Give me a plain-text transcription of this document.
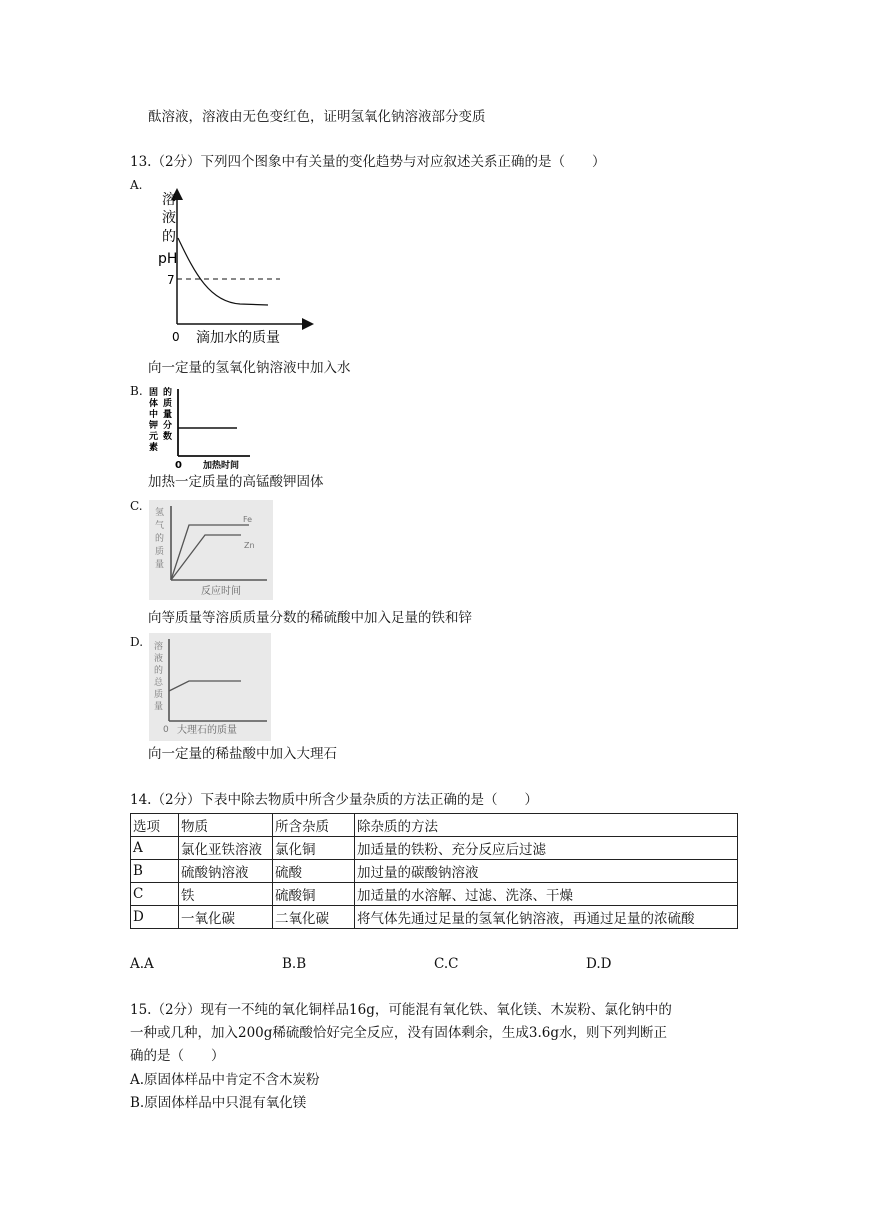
酞溶液，溶液由无色变红色，证明氢氧化钠溶液部分变质
13.（2分）下列四个图象中有关量的变化趋势与对应叙述关系正确的是（　　）
A.
溶
液
的
pH
7
0 滴加水的质量
向一定量的氢氧化钠溶液中加入水
B. 固
体
中
钾
元
素
的
质
量
分
数
0 加热时间
加热一定质量的高锰酸钾固体
C. 氢
气
的
质
量
Fe
Zn
反应时间
向等质量等溶质质量分数的稀硫酸中加入足量的铁和锌
D. 溶
液
的
总
质
量
0 大理石的质量
向一定量的稀盐酸中加入大理石
14.（2分）下表中除去物质中所含少量杂质的方法正确的是（　　）
选项	物质	所含杂质	除杂质的方法
A	氯化亚铁溶液	氯化铜	加适量的铁粉、充分反应后过滤
B	硫酸钠溶液	硫酸	加过量的碳酸钠溶液
C	铁	硫酸铜	加适量的水溶解、过滤、洗涤、干燥
D	一氧化碳	二氧化碳	将气体先通过足量的氢氧化钠溶液，再通过足量的浓硫酸
A.A	B.B	C.C	D.D
15.（2分）现有一不纯的氧化铜样品16g，可能混有氧化铁、氧化镁、木炭粉、氯化钠中的
一种或几种，加入200g稀硫酸恰好完全反应，没有固体剩余，生成3.6g水，则下列判断正
确的是（　　）
A.原固体样品中肯定不含木炭粉
B.原固体样品中只混有氧化镁
